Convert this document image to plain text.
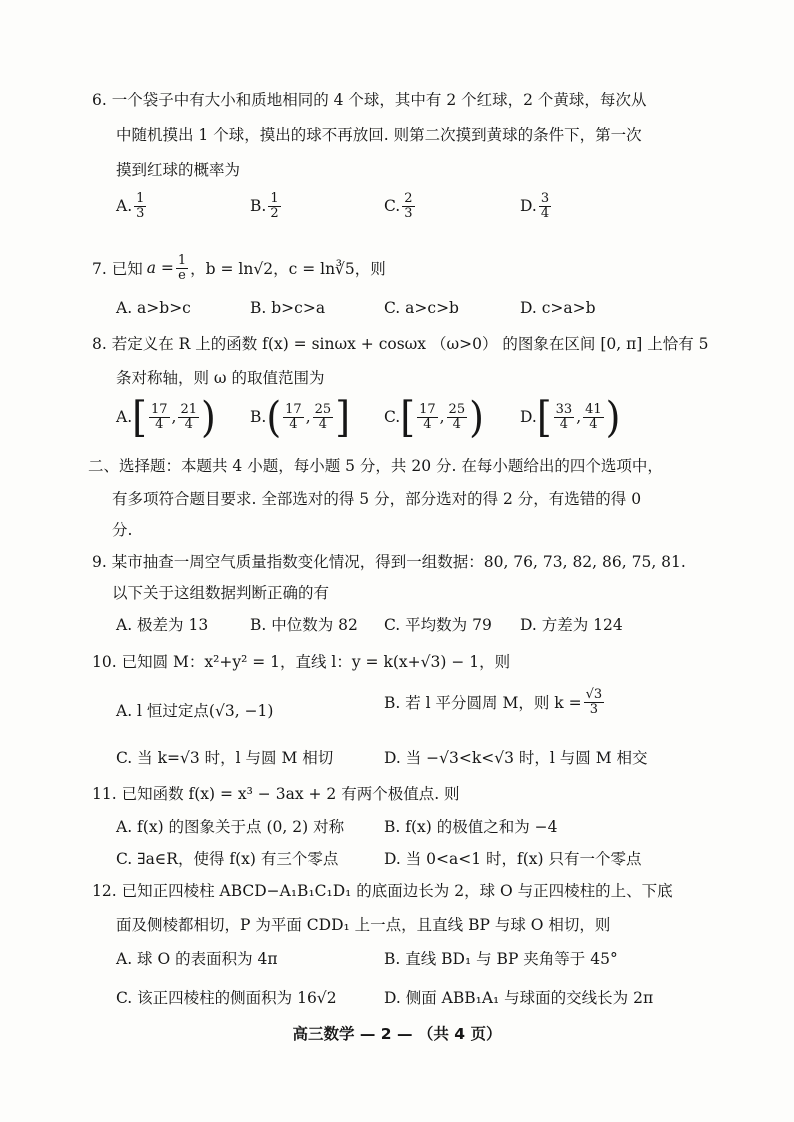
6. 一个袋子中有大小和质地相同的 4 个球，其中有 2 个红球，2 个黄球，每次从
中随机摸出 1 个球，摸出的球不再放回. 则第二次摸到黄球的条件下，第一次
摸到红球的概率为
A. $\frac{1}{3}$	B. $\frac{1}{2}$	C. $\frac{2}{3}$	D. $\frac{3}{4}$
7. 已知 $a = \frac{1}{e}$ ，b = ln√2，c = ln∛5，则
A. a>b>c	B. b>c>a	C. a>c>b	D. c>a>b
8. 若定义在 R 上的函数 f(x) = sinωx + cosωx （ω>0） 的图象在区间 [0, π] 上恰有 5
条对称轴，则 ω 的取值范围为
A. [ $\frac{17}{4}$ , $\frac{21}{4}$ ) B. ( $\frac{17}{4}$ , $\frac{25}{4}$ ] C. [ $\frac{17}{4}$ , $\frac{25}{4}$ ) D. [ $\frac{33}{4}$ , $\frac{41}{4}$ )
二、选择题：本题共 4 小题，每小题 5 分，共 20 分. 在每小题给出的四个选项中，
有多项符合题目要求. 全部选对的得 5 分，部分选对的得 2 分，有选错的得 0
分.
9. 某市抽查一周空气质量指数变化情况，得到一组数据：80, 76, 73, 82, 86, 75, 81.
以下关于这组数据判断正确的有
A. 极差为 13	B. 中位数为 82 C. 平均数为 79 D. 方差为 124
10. 已知圆 M：x²+y² = 1，直线 l：y = k(x+√3) − 1，则
A. l 恒过定点(√3, −1)	B. 若 l 平分圆周 M，则 $k = \frac{√3}{3}$
C. 当 k=√3 时，l 与圆 M 相切	D. 当 −√3<k<√3 时，l 与圆 M 相交
11. 已知函数 f(x) = x³ − 3ax + 2 有两个极值点. 则
A. f(x) 的图象关于点 (0, 2) 对称	B. f(x) 的极值之和为 −4
C. ∃a∈R，使得 f(x) 有三个零点	D. 当 0<a<1 时，f(x) 只有一个零点
12. 已知正四棱柱 ABCD−A₁B₁C₁D₁ 的底面边长为 2，球 O 与正四棱柱的上、下底
面及侧棱都相切，P 为平面 CDD₁ 上一点，且直线 BP 与球 O 相切，则
A. 球 O 的表面积为 4π	B. 直线 BD₁ 与 BP 夹角等于 45°
C. 该正四棱柱的侧面积为 16√2	D. 侧面 ABB₁A₁ 与球面的交线长为 2π
高三数学 — 2 — （共 4 页）
